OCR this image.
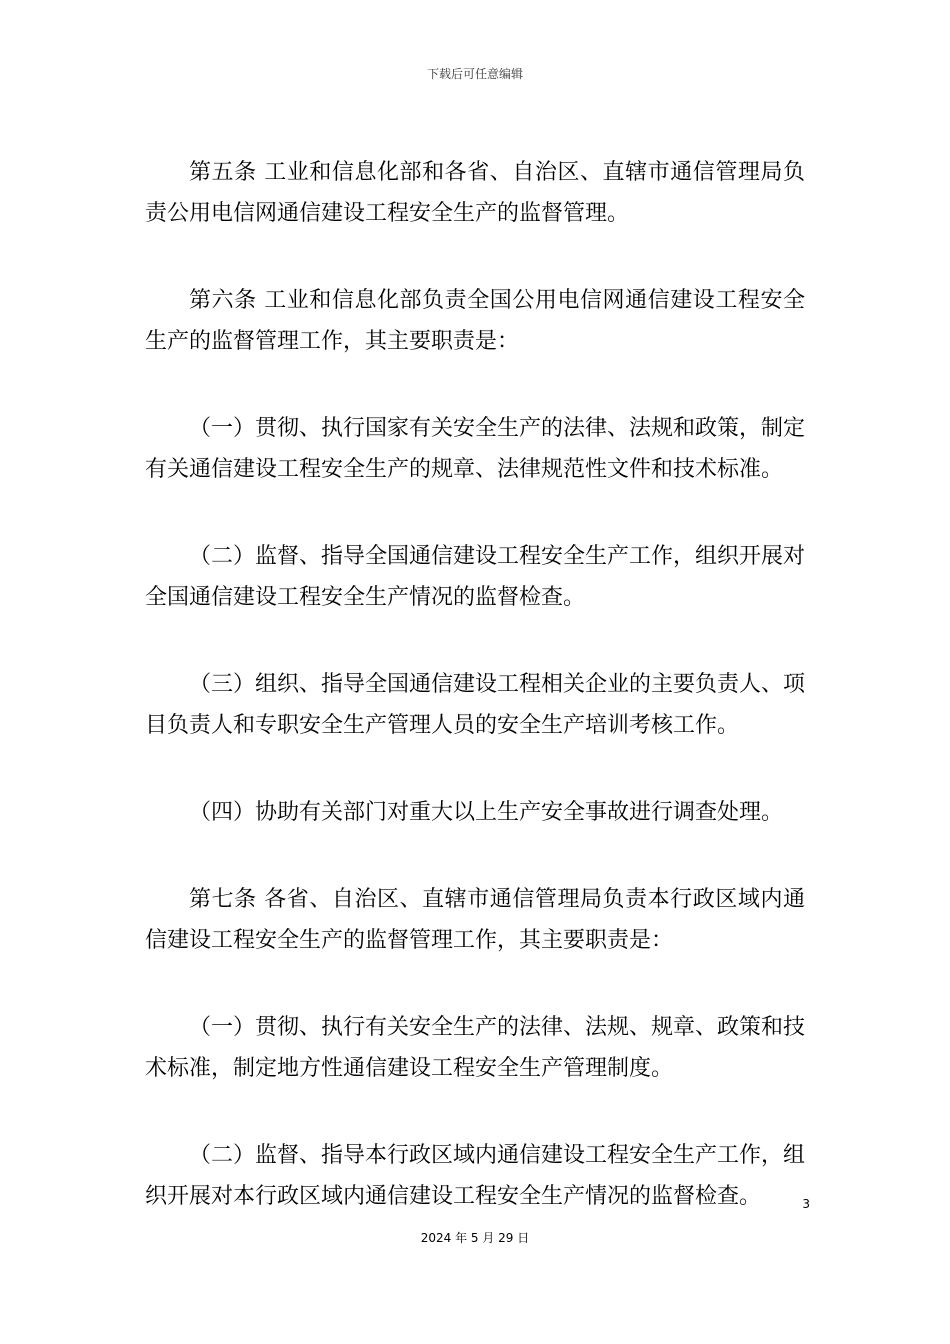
下载后可任意编辑

第五条 工业和信息化部和各省、自治区、直辖市通信管理局负责公用电信网通信建设工程安全生产的监督管理。

第六条 工业和信息化部负责全国公用电信网通信建设工程安全生产的监督管理工作，其主要职责是：

（一）贯彻、执行国家有关安全生产的法律、法规和政策，制定有关通信建设工程安全生产的规章、法律规范性文件和技术标准。

（二）监督、指导全国通信建设工程安全生产工作，组织开展对全国通信建设工程安全生产情况的监督检查。

（三）组织、指导全国通信建设工程相关企业的主要负责人、项目负责人和专职安全生产管理人员的安全生产培训考核工作。

（四）协助有关部门对重大以上生产安全事故进行调查处理。

第七条 各省、自治区、直辖市通信管理局负责本行政区域内通信建设工程安全生产的监督管理工作，其主要职责是：

（一）贯彻、执行有关安全生产的法律、法规、规章、政策和技术标准，制定地方性通信建设工程安全生产管理制度。

（二）监督、指导本行政区域内通信建设工程安全生产工作，组织开展对本行政区域内通信建设工程安全生产情况的监督检查。	3
2024 年 5 月 29 日
